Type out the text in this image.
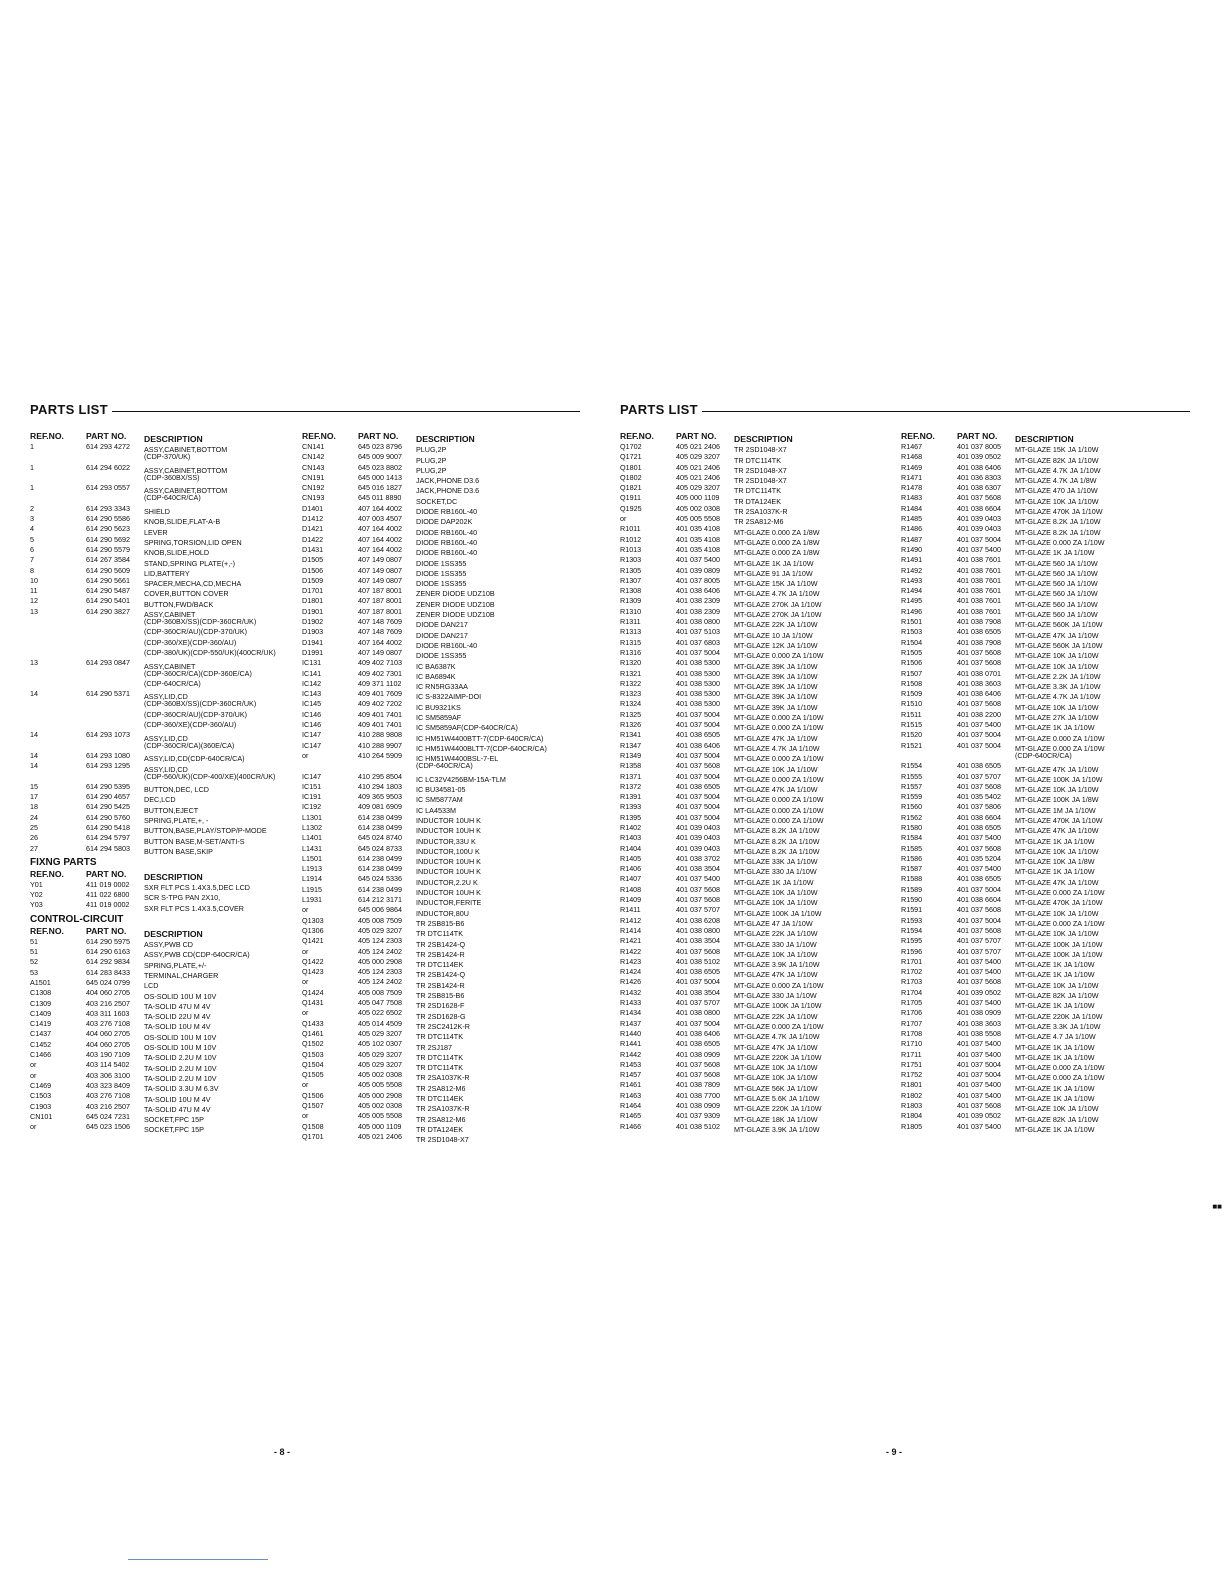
PARTS LIST
REF.NO.	PART NO. DESCRIPTION
1	614 293 4272 ASSY,CABINET,BOTTOM
(CDP-370/UK)
1	614 294 6022 ASSY,CABINET,BOTTOM
(CDP-360BX/SS)
1	614 293 0557 ASSY,CABINET,BOTTOM
(CDP-640CR/CA)
2	614 293 3343 SHIELD
3	614 290 5586 KNOB,SLIDE,FLAT-A-B
4	614 290 5623 LEVER
5	614 290 5692 SPRING,TORSION,LID OPEN
6	614 290 5579 KNOB,SLIDE,HOLD
7	614 267 3584 STAND,SPRING PLATE(+,-)
8	614 290 5609 LID,BATTERY
10	614 290 5661 SPACER,MECHA,CD,MECHA
11	614 290 5487 COVER,BUTTON COVER
12	614 290 5401 BUTTON,FWD/BACK
13	614 290 3827 ASSY,CABINET
(CDP-360BX/SS)(CDP-360CR/UK)
(CDP-360CR/AU)(CDP-370/UK)
(CDP-360/XE)(CDP-360/AU)
(CDP-380/UK)(CDP-550/UK)(400CR/UK)
13	614 293 0847 ASSY,CABINET
(CDP-360CR/CA)(CDP-360E/CA)
(CDP-640CR/CA)
14	614 290 5371 ASSY,LID,CD
(CDP-360BX/SS)(CDP-360CR/UK)
(CDP-360CR/AU)(CDP-370/UK)
(CDP-360/XE)(CDP-360/AU)
14	614 293 1073 ASSY,LID,CD
(CDP-360CR/CA)(360E/CA)
14	614 293 1080 ASSY,LID,CD(CDP-640CR/CA)
14	614 293 1295 ASSY,LID,CD
(CDP-560/UK)(CDP-400/XE)(400CR/UK)
15	614 290 5395 BUTTON,DEC, LCD
17	614 290 4657 DEC,LCD
18	614 290 5425 BUTTON,EJECT
24	614 290 5760 SPRING,PLATE,+, -
25	614 290 5418 BUTTON,BASE,PLAY/STOP/P-MODE
26	614 294 5797 BUTTON BASE,M-SET/ANTI-S
27	614 294 5803 BUTTON BASE,SKIP
FIXNG PARTS
REF.NO.	PART NO. DESCRIPTION
Y01	411 019 0002 SXR FLT PCS 1.4X3.5,DEC LCD
Y02	411 022 6800 SCR S-TPG PAN 2X10,
Y03	411 019 0002 SXR FLT PCS 1.4X3.5,COVER
CONTROL-CIRCUIT
REF.NO.	PART NO. DESCRIPTION
51	614 290 5975 ASSY,PWB CD
51	614 290 6163 ASSY,PWB CD(CDP-640CR/CA)
52	614 292 9834 SPRING,PLATE,+/-
53	614 283 8433 TERMINAL,CHARGER
A1501	645 024 0799 LCD
C1308	404 060 2705 OS-SOLID 10U M 10V
C1309	403 216 2507 TA-SOLID 47U M 4V
C1409	403 311 1603 TA-SOLID 22U M 4V
C1419	403 276 7108 TA-SOLID 10U M 4V
C1437	404 060 2705 OS-SOLID 10U M 10V
C1452	404 060 2705 OS-SOLID 10U M 10V
C1466	403 190 7109 TA-SOLID 2.2U M 10V
or	403 114 5402 TA-SOLID 2.2U M 10V
or	403 306 3100 TA-SOLID 2.2U M 10V
C1469	403 323 8409 TA-SOLID 3.3U M 6.3V
C1503	403 276 7108 TA-SOLID 10U M 4V
C1903	403 216 2507 TA-SOLID 47U M 4V
CN101	645 024 7231 SOCKET,FPC 15P
or	645 023 1506 SOCKET,FPC 15P
REF.NO.	PART NO. DESCRIPTION
CN141	645 023 8796 PLUG,2P
CN142	645 009 9007 PLUG,2P
CN143	645 023 8802 PLUG,2P
CN191	645 000 1413 JACK,PHONE D3.6
CN192	645 016 1827 JACK,PHONE D3.6
CN193	645 011 8890 SOCKET,DC
D1401	407 164 4002 DIODE RB160L-40
D1412	407 003 4507 DIODE DAP202K
D1421	407 164 4002 DIODE RB160L-40
D1422	407 164 4002 DIODE RB160L-40
D1431	407 164 4002 DIODE RB160L-40
D1505	407 149 0807 DIODE 1SS355
D1506	407 149 0807 DIODE 1SS355
D1509	407 149 0807 DIODE 1SS355
D1701	407 187 8001 ZENER DIODE UDZ10B
D1801	407 187 8001 ZENER DIODE UDZ10B
D1901	407 187 8001 ZENER DIODE UDZ10B
D1902	407 148 7609 DIODE DAN217
D1903	407 148 7609 DIODE DAN217
D1941	407 164 4002 DIODE RB160L-40
D1991	407 149 0807 DIODE 1SS355
IC131	409 402 7103 IC BA6387K
IC141	409 402 7301 IC BA6894K
IC142	409 371 1102 IC RN5RG33AA
IC143	409 401 7609 IC S-8322AIMP-DOI
IC145	409 402 7202 IC BU9321KS
IC146	409 401 7401 IC SM5859AF
IC146	409 401 7401 IC SM5859AF(CDP-640CR/CA)
IC147	410 288 9808 IC HM51W4400BTT-7(CDP-640CR/CA)
IC147	410 288 9907 IC HM51W4400BLTT-7(CDP-640CR/CA)
or	410 264 5909 IC HM51W4400BSL-7-EL
(CDP-640CR/CA)
IC147	410 295 8504 IC LC32V4256BM-15A-TLM
IC151	410 294 1803 IC BU34581-05
IC191	409 365 9503 IC SM5877AM
IC192	409 081 6909 IC LA4533M
L1301	614 238 0499 INDUCTOR 10UH K
L1302	614 238 0499 INDUCTOR 10UH K
L1401	645 024 8740 INDUCTOR,33U K
L1431	645 024 8733 INDUCTOR,100U K
L1501	614 238 0499 INDUCTOR 10UH K
L1913	614 238 0499 INDUCTOR 10UH K
L1914	645 024 5336 INDUCTOR,2.2U K
L1915	614 238 0499 INDUCTOR 10UH K
L1931	614 212 3171 INDUCTOR,FERITE
or	645 006 9864 INDUCTOR,80U
Q1303	405 008 7509 TR 2SB815-B6
Q1306	405 029 3207 TR DTC114TK
Q1421	405 124 2303 TR 2SB1424-Q
or	405 124 2402 TR 2SB1424-R
Q1422	405 000 2908 TR DTC114EK
Q1423	405 124 2303 TR 2SB1424-Q
or	405 124 2402 TR 2SB1424-R
Q1424	405 008 7509 TR 2SB815-B6
Q1431	405 047 7508 TR 2SD1628-F
or	405 022 6502 TR 2SD1628-G
Q1433	405 014 4509 TR 2SC2412K-R
Q1461	405 029 3207 TR DTC114TK
Q1502	405 102 0307 TR 2SJ187
Q1503	405 029 3207 TR DTC114TK
Q1504	405 029 3207 TR DTC114TK
Q1505	405 002 0308 TR 2SA1037K-R
or	405 005 5508 TR 2SA812-M6
Q1506	405 000 2908 TR DTC114EK
Q1507	405 002 0308 TR 2SA1037K-R
or	405 005 5508 TR 2SA812-M6
Q1508	405 000 1109 TR DTA124EK
Q1701	405 021 2406 TR 2SD1048-X7
- 8 -
PARTS LIST
REF.NO.	PART NO. DESCRIPTION
Q1702	405 021 2406 TR 2SD1048-X7
Q1721	405 029 3207 TR DTC114TK
Q1801	405 021 2406 TR 2SD1048-X7
Q1802	405 021 2406 TR 2SD1048-X7
Q1821	405 029 3207 TR DTC114TK
Q1911	405 000 1109 TR DTA124EK
Q1925	405 002 0308 TR 2SA1037K-R
or	405 005 5508 TR 2SA812-M6
R1011	401 035 4108 MT-GLAZE 0.000 ZA 1/8W
R1012	401 035 4108 MT-GLAZE 0.000 ZA 1/8W
R1013	401 035 4108 MT-GLAZE 0.000 ZA 1/8W
R1303	401 037 5400 MT-GLAZE 1K JA 1/10W
R1305	401 039 0809 MT-GLAZE 91 JA 1/10W
R1307	401 037 8005 MT-GLAZE 15K JA 1/10W
R1308	401 038 6406 MT-GLAZE 4.7K JA 1/10W
R1309	401 038 2309 MT-GLAZE 270K JA 1/10W
R1310	401 038 2309 MT-GLAZE 270K JA 1/10W
R1311	401 038 0800 MT-GLAZE 22K JA 1/10W
R1313	401 037 5103 MT-GLAZE 10 JA 1/10W
R1315	401 037 6803 MT-GLAZE 12K JA 1/10W
R1316	401 037 5004 MT-GLAZE 0.000 ZA 1/10W
R1320	401 038 5300 MT-GLAZE 39K JA 1/10W
R1321	401 038 5300 MT-GLAZE 39K JA 1/10W
R1322	401 038 5300 MT-GLAZE 39K JA 1/10W
R1323	401 038 5300 MT-GLAZE 39K JA 1/10W
R1324	401 038 5300 MT-GLAZE 39K JA 1/10W
R1325	401 037 5004 MT-GLAZE 0.000 ZA 1/10W
R1326	401 037 5004 MT-GLAZE 0.000 ZA 1/10W
R1341	401 038 6505 MT-GLAZE 47K JA 1/10W
R1347	401 038 6406 MT-GLAZE 4.7K JA 1/10W
R1349	401 037 5004 MT-GLAZE 0.000 ZA 1/10W
R1358	401 037 5608 MT-GLAZE 10K JA 1/10W
R1371	401 037 5004 MT-GLAZE 0.000 ZA 1/10W
R1372	401 038 6505 MT-GLAZE 47K JA 1/10W
R1391	401 037 5004 MT-GLAZE 0.000 ZA 1/10W
R1393	401 037 5004 MT-GLAZE 0.000 ZA 1/10W
R1395	401 037 5004 MT-GLAZE 0.000 ZA 1/10W
R1402	401 039 0403 MT-GLAZE 8.2K JA 1/10W
R1403	401 039 0403 MT-GLAZE 8.2K JA 1/10W
R1404	401 039 0403 MT-GLAZE 8.2K JA 1/10W
R1405	401 038 3702 MT-GLAZE 33K JA 1/10W
R1406	401 038 3504 MT-GLAZE 330 JA 1/10W
R1407	401 037 5400 MT-GLAZE 1K JA 1/10W
R1408	401 037 5608 MT-GLAZE 10K JA 1/10W
R1409	401 037 5608 MT-GLAZE 10K JA 1/10W
R1411	401 037 5707 MT-GLAZE 100K JA 1/10W
R1412	401 038 6208 MT-GLAZE 47 JA 1/10W
R1414	401 038 0800 MT-GLAZE 22K JA 1/10W
R1421	401 038 3504 MT-GLAZE 330 JA 1/10W
R1422	401 037 5608 MT-GLAZE 10K JA 1/10W
R1423	401 038 5102 MT-GLAZE 3.9K JA 1/10W
R1424	401 038 6505 MT-GLAZE 47K JA 1/10W
R1426	401 037 5004 MT-GLAZE 0.000 ZA 1/10W
R1432	401 038 3504 MT-GLAZE 330 JA 1/10W
R1433	401 037 5707 MT-GLAZE 100K JA 1/10W
R1434	401 038 0800 MT-GLAZE 22K JA 1/10W
R1437	401 037 5004 MT-GLAZE 0.000 ZA 1/10W
R1440	401 038 6406 MT-GLAZE 4.7K JA 1/10W
R1441	401 038 6505 MT-GLAZE 47K JA 1/10W
R1442	401 038 0909 MT-GLAZE 220K JA 1/10W
R1453	401 037 5608 MT-GLAZE 10K JA 1/10W
R1457	401 037 5608 MT-GLAZE 10K JA 1/10W
R1461	401 038 7809 MT-GLAZE 56K JA 1/10W
R1463	401 038 7700 MT-GLAZE 5.6K JA 1/10W
R1464	401 038 0909 MT-GLAZE 220K JA 1/10W
R1465	401 037 9309 MT-GLAZE 18K JA 1/10W
R1466	401 038 5102 MT-GLAZE 3.9K JA 1/10W
REF.NO.	PART NO. DESCRIPTION
R1467	401 037 8005 MT-GLAZE 15K JA 1/10W
R1468	401 039 0502 MT-GLAZE 82K JA 1/10W
R1469	401 038 6406 MT-GLAZE 4.7K JA 1/10W
R1471	401 036 8303 MT-GLAZE 4.7K JA 1/8W
R1478	401 038 6307 MT-GLAZE 470 JA 1/10W
R1483	401 037 5608 MT-GLAZE 10K JA 1/10W
R1484	401 038 6604 MT-GLAZE 470K JA 1/10W
R1485	401 039 0403 MT-GLAZE 8.2K JA 1/10W
R1486	401 039 0403 MT-GLAZE 8.2K JA 1/10W
R1487	401 037 5004 MT-GLAZE 0.000 ZA 1/10W
R1490	401 037 5400 MT-GLAZE 1K JA 1/10W
R1491	401 038 7601 MT-GLAZE 560 JA 1/10W
R1492	401 038 7601 MT-GLAZE 560 JA 1/10W
R1493	401 038 7601 MT-GLAZE 560 JA 1/10W
R1494	401 038 7601 MT-GLAZE 560 JA 1/10W
R1495	401 038 7601 MT-GLAZE 560 JA 1/10W
R1496	401 038 7601 MT-GLAZE 560 JA 1/10W
R1501	401 038 7908 MT-GLAZE 560K JA 1/10W
R1503	401 038 6505 MT-GLAZE 47K JA 1/10W
R1504	401 038 7908 MT-GLAZE 560K JA 1/10W
R1505	401 037 5608 MT-GLAZE 10K JA 1/10W
R1506	401 037 5608 MT-GLAZE 10K JA 1/10W
R1507	401 038 0701 MT-GLAZE 2.2K JA 1/10W
R1508	401 038 3603 MT-GLAZE 3.3K JA 1/10W
R1509	401 038 6406 MT-GLAZE 4.7K JA 1/10W
R1510	401 037 5608 MT-GLAZE 10K JA 1/10W
R1511	401 038 2200 MT-GLAZE 27K JA 1/10W
R1515	401 037 5400 MT-GLAZE 1K JA 1/10W
R1520	401 037 5004 MT-GLAZE 0.000 ZA 1/10W
R1521	401 037 5004 MT-GLAZE 0.000 ZA 1/10W
(CDP-640CR/CA)
R1554	401 038 6505 MT-GLAZE 47K JA 1/10W
R1555	401 037 5707 MT-GLAZE 100K JA 1/10W
R1557	401 037 5608 MT-GLAZE 10K JA 1/10W
R1559	401 035 5402 MT-GLAZE 100K JA 1/8W
R1560	401 037 5806 MT-GLAZE 1M JA 1/10W
R1562	401 038 6604 MT-GLAZE 470K JA 1/10W
R1580	401 038 6505 MT-GLAZE 47K JA 1/10W
R1584	401 037 5400 MT-GLAZE 1K JA 1/10W
R1585	401 037 5608 MT-GLAZE 10K JA 1/10W
R1586	401 035 5204 MT-GLAZE 10K JA 1/8W
R1587	401 037 5400 MT-GLAZE 1K JA 1/10W
R1588	401 038 6505 MT-GLAZE 47K JA 1/10W
R1589	401 037 5004 MT-GLAZE 0.000 ZA 1/10W
R1590	401 038 6604 MT-GLAZE 470K JA 1/10W
R1591	401 037 5608 MT-GLAZE 10K JA 1/10W
R1593	401 037 5004 MT-GLAZE 0.000 ZA 1/10W
R1594	401 037 5608 MT-GLAZE 10K JA 1/10W
R1595	401 037 5707 MT-GLAZE 100K JA 1/10W
R1596	401 037 5707 MT-GLAZE 100K JA 1/10W
R1701	401 037 5400 MT-GLAZE 1K JA 1/10W
R1702	401 037 5400 MT-GLAZE 1K JA 1/10W
R1703	401 037 5608 MT-GLAZE 10K JA 1/10W
R1704	401 039 0502 MT-GLAZE 82K JA 1/10W
R1705	401 037 5400 MT-GLAZE 1K JA 1/10W
R1706	401 038 0909 MT-GLAZE 220K JA 1/10W
R1707	401 038 3603 MT-GLAZE 3.3K JA 1/10W
R1708	401 038 5508 MT-GLAZE 4.7 JA 1/10W
R1710	401 037 5400 MT-GLAZE 1K JA 1/10W
R1711	401 037 5400 MT-GLAZE 1K JA 1/10W
R1751	401 037 5004 MT-GLAZE 0.000 ZA 1/10W
R1752	401 037 5004 MT-GLAZE 0.000 ZA 1/10W
R1801	401 037 5400 MT-GLAZE 1K JA 1/10W
R1802	401 037 5400 MT-GLAZE 1K JA 1/10W
R1803	401 037 5608 MT-GLAZE 10K JA 1/10W
R1804	401 039 0502 MT-GLAZE 82K JA 1/10W
R1805	401 037 5400 MT-GLAZE 1K JA 1/10W
- 9 -
■■
